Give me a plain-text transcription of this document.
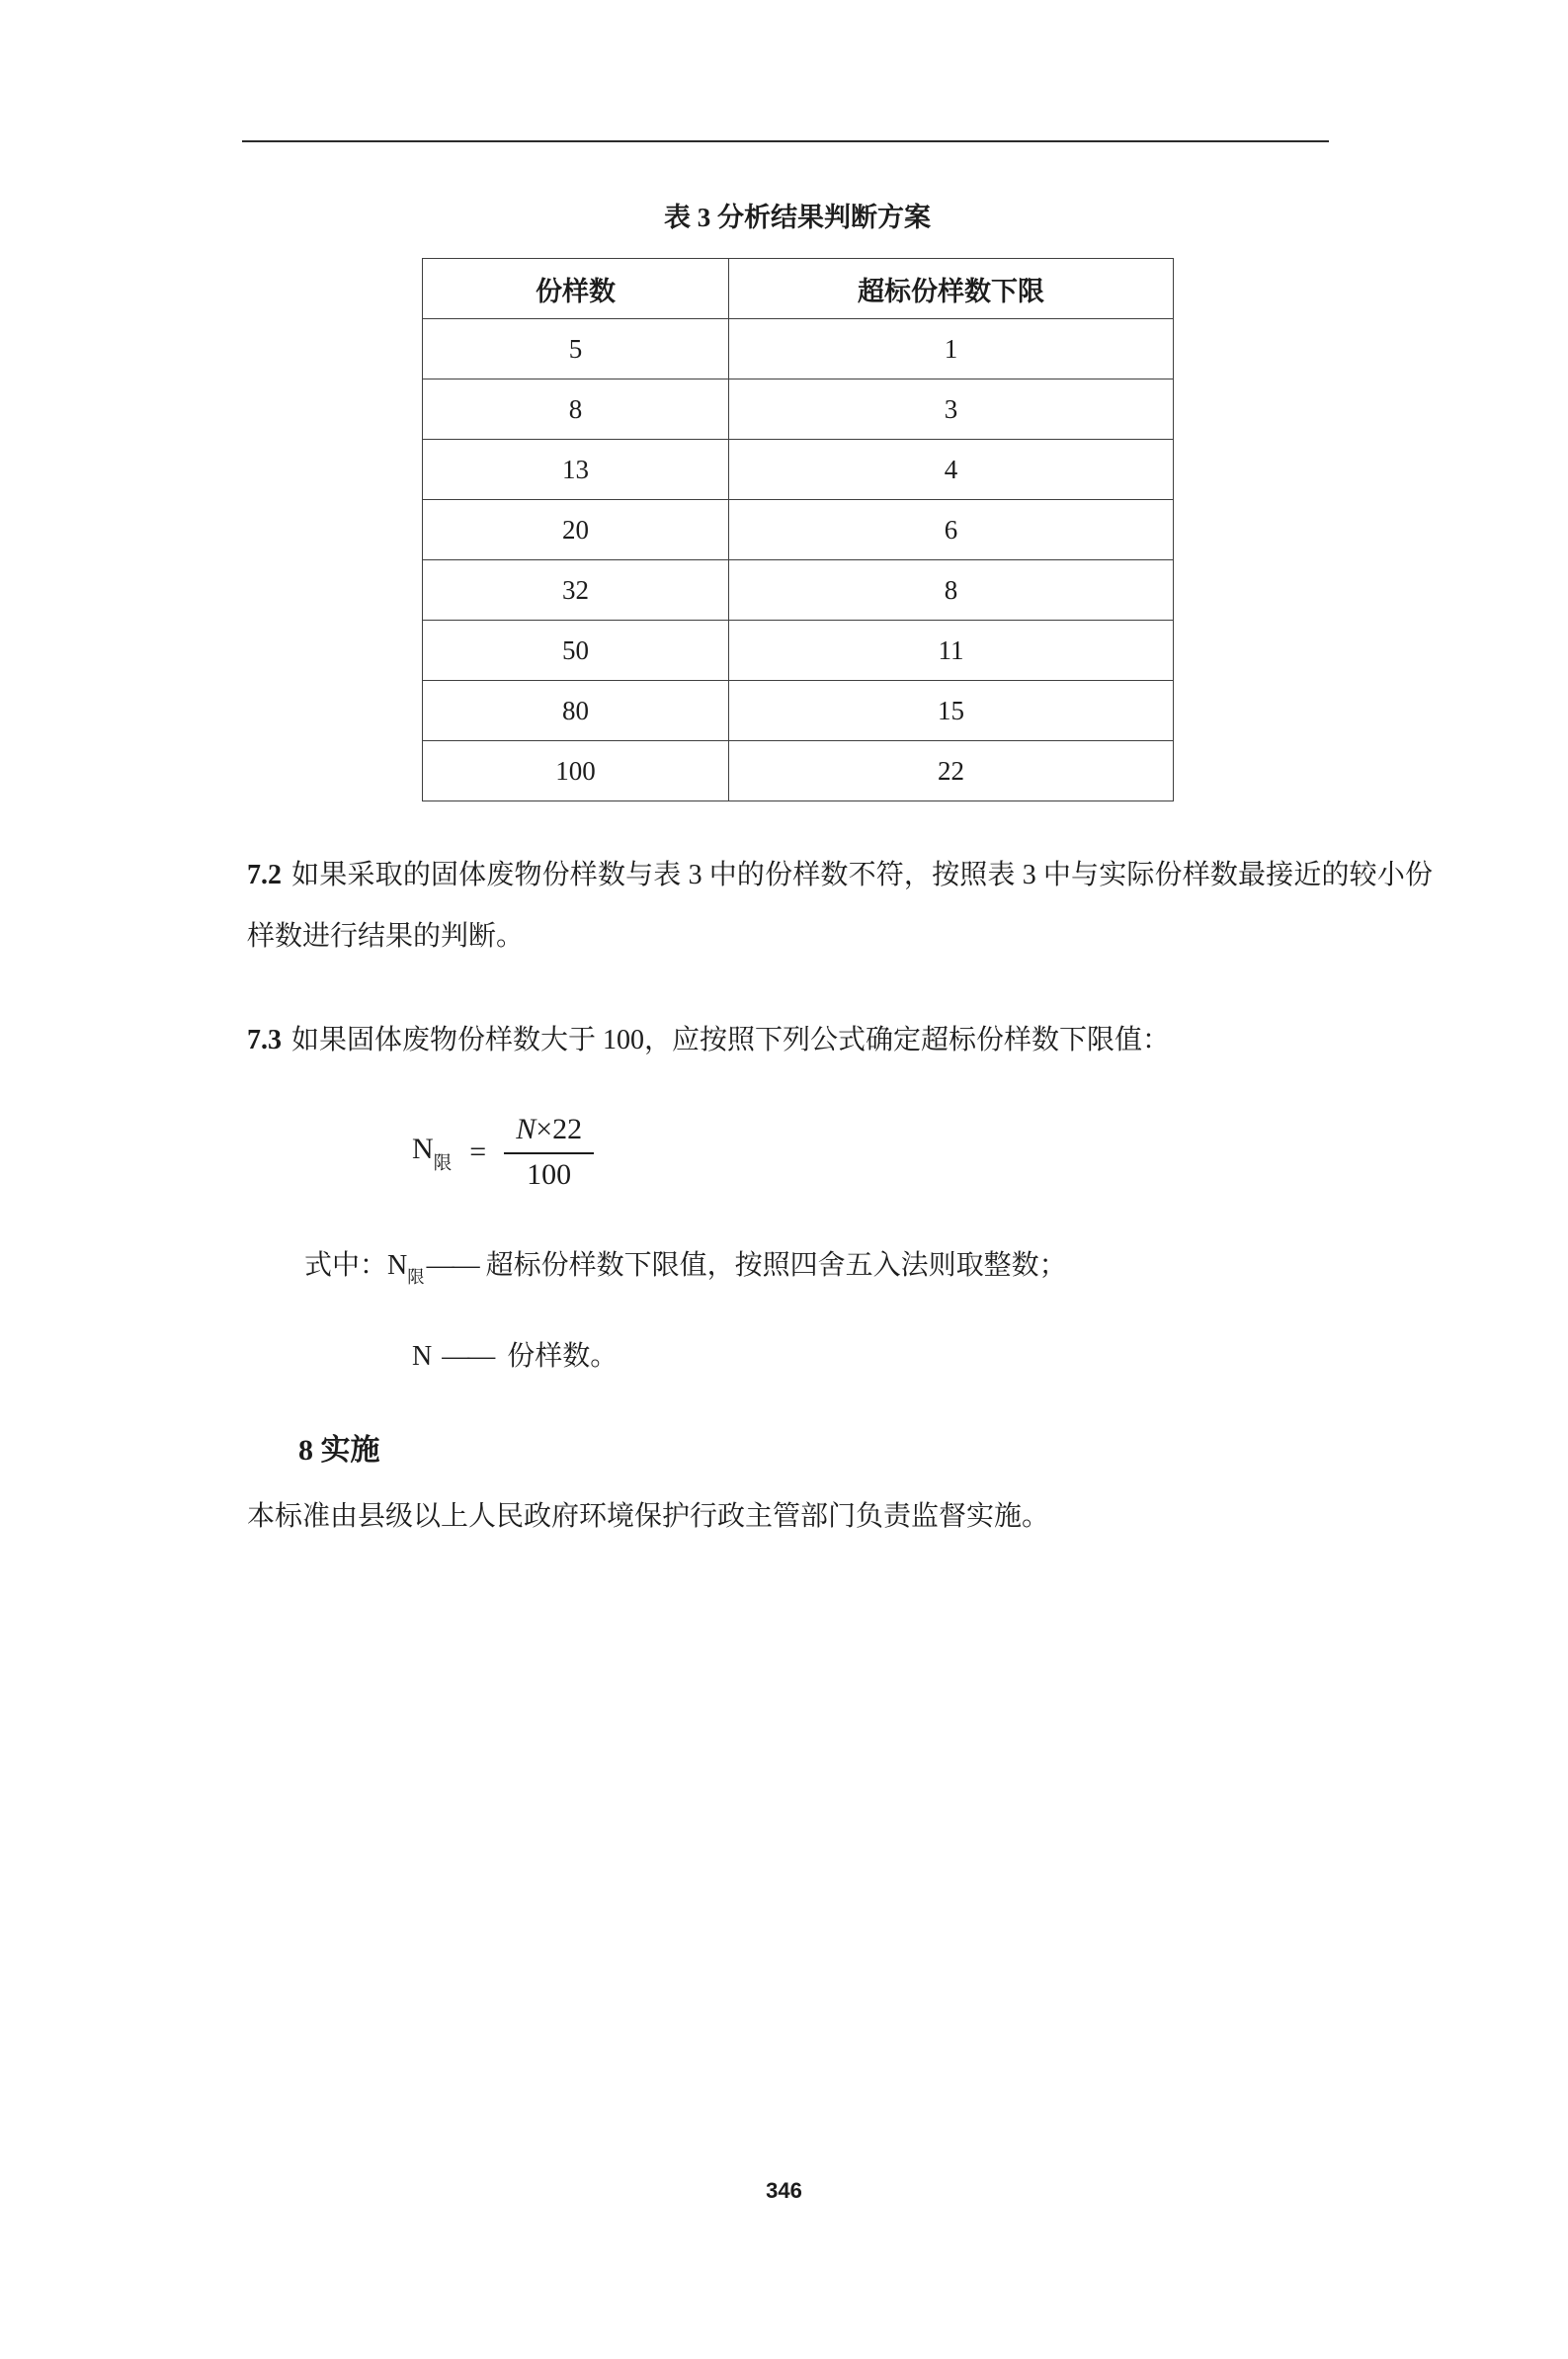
表 3 分析结果判断方案
份样数	超标份样数下限
5	1
8	3
13	4
20	6
32	8
50	11
80	15
100	22

7.2 如果采取的固体废物份样数与表 3 中的份样数不符，按照表 3 中与实际份样数最接近的较小份样数进行结果的判断。

7.3 如果固体废物份样数大于 100，应按照下列公式确定超标份样数下限值：

$N_限 = \frac{N\times 22}{100}$

式中：$N_限——$ 超标份样数下限值，按照四舍五入法则取整数；

N —— 份样数。

8 实施

本标准由县级以上人民政府环境保护行政主管部门负责监督实施。

346
